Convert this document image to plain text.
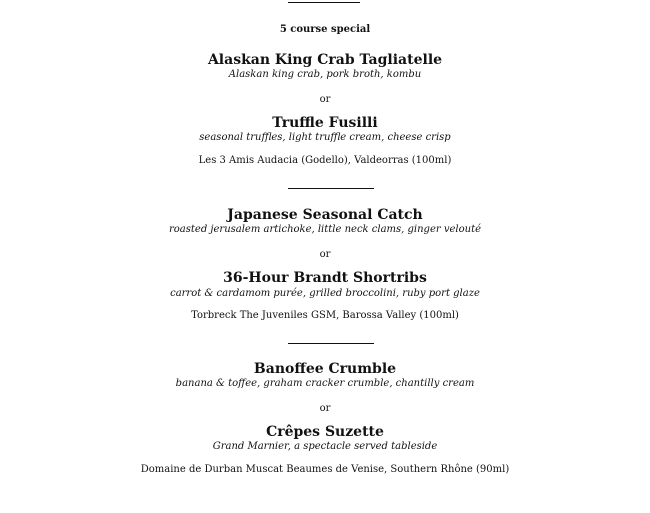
5 course special
Alaskan King Crab Tagliatelle
Alaskan king crab, pork broth, kombu
or
Truffle Fusilli
seasonal truffles, light truffle cream, cheese crisp
Les 3 Amis Audacia (Godello), Valdeorras (100ml)
Japanese Seasonal Catch
roasted jerusalem artichoke, little neck clams, ginger velouté
or
36-Hour Brandt Shortribs
carrot & cardamom purée, grilled broccolini, ruby port glaze
Torbreck The Juveniles GSM, Barossa Valley (100ml)
Banoffee Crumble
banana & toffee, graham cracker crumble, chantilly cream
or
Crêpes Suzette
Grand Marnier, a spectacle served tableside
Domaine de Durban Muscat Beaumes de Venise, Southern Rhône (90ml)
